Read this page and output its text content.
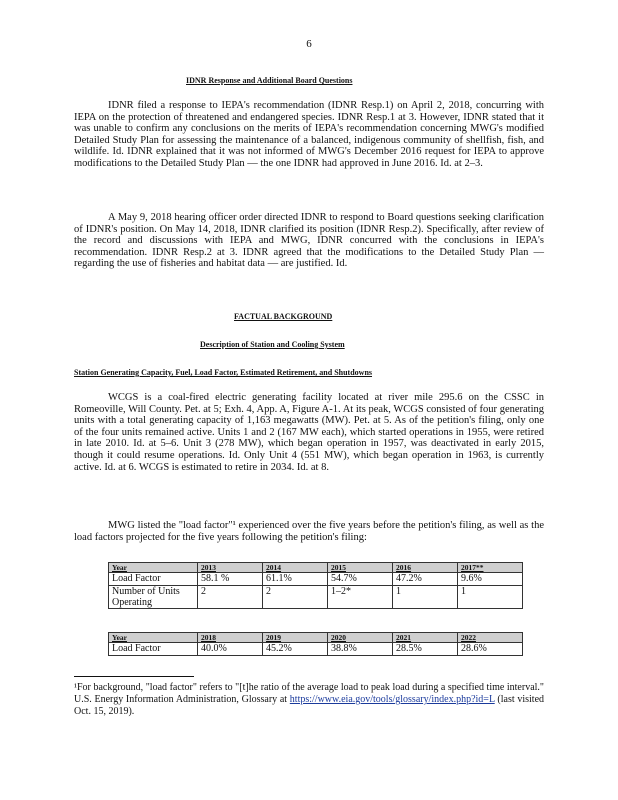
6
IDNR Response and Additional Board Questions
IDNR filed a response to IEPA's recommendation (IDNR Resp.1) on April 2, 2018, concurring with IEPA on the protection of threatened and endangered species. IDNR Resp.1 at 3. However, IDNR stated that it was unable to confirm any conclusions on the merits of IEPA's recommendation concerning MWG's modified Detailed Study Plan for assessing the maintenance of a balanced, indigenous community of shellfish, fish, and wildlife. Id. IDNR explained that it was not informed of MWG's December 2016 request for IEPA to approve modifications to the Detailed Study Plan — the one IDNR had approved in June 2016. Id. at 2–3.
A May 9, 2018 hearing officer order directed IDNR to respond to Board questions seeking clarification of IDNR's position. On May 14, 2018, IDNR clarified its position (IDNR Resp.2). Specifically, after review of the record and discussions with IEPA and MWG, IDNR concurred with the conclusions in IEPA's recommendation. IDNR Resp.2 at 3. IDNR agreed that the modifications to the Detailed Study Plan — regarding the use of fisheries and habitat data — are justified. Id.
FACTUAL BACKGROUND
Description of Station and Cooling System
Station Generating Capacity, Fuel, Load Factor, Estimated Retirement, and Shutdowns
WCGS is a coal-fired electric generating facility located at river mile 295.6 on the CSSC in Romeoville, Will County. Pet. at 5; Exh. 4, App. A, Figure A-1. At its peak, WCGS consisted of four generating units with a total generating capacity of 1,163 megawatts (MW). Pet. at 5. As of the petition's filing, only one of the four units remained active. Units 1 and 2 (167 MW each), which started operations in 1955, were retired in late 2010. Id. at 5–6. Unit 3 (278 MW), which began operation in 1957, was deactivated in early 2015, though it could resume operations. Id. Only Unit 4 (551 MW), which began operation in 1963, is currently active. Id. at 6. WCGS is estimated to retire in 2034. Id. at 8.
MWG listed the "load factor"¹ experienced over the five years before the petition's filing, as well as the load factors projected for the five years following the petition's filing:
Year	2013	2014	2015	2016	2017**
Load Factor	58.1 %	61.1%	54.7%	47.2%	9.6%
Number of Units Operating	2	2	1–2*	1	1
Year	2018	2019	2020	2021	2022
Load Factor	40.0%	45.2%	38.8%	28.5%	28.6%
¹For background, "load factor" refers to "[t]he ratio of the average load to peak load during a specified time interval." U.S. Energy Information Administration, Glossary at https://www.eia.gov/tools/glossary/index.php?id=L (last visited Oct. 15, 2019).
